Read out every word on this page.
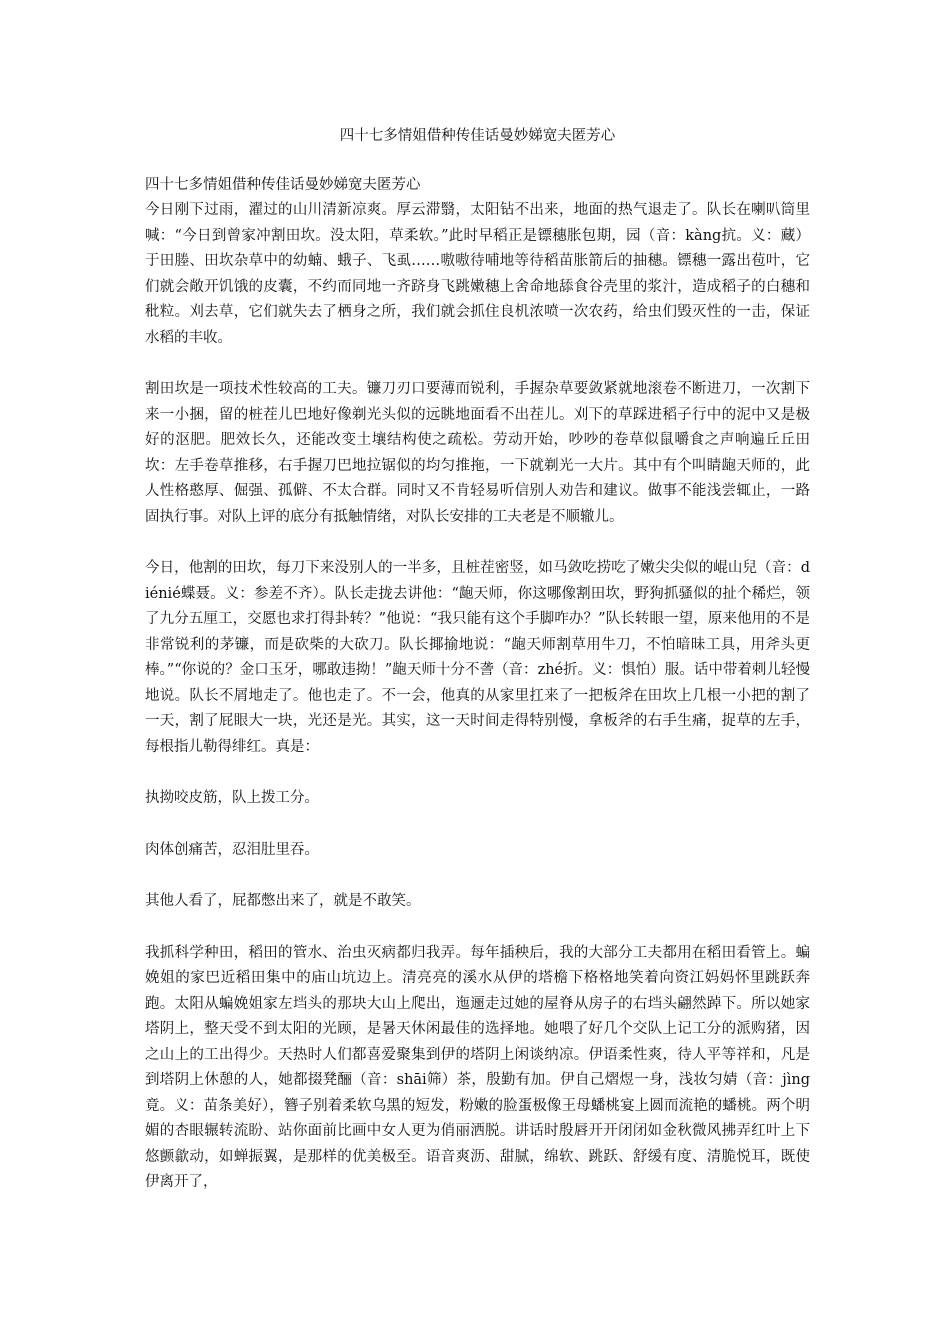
四十七多情姐借种传佳话曼妙娣宽夫匿芳心

四十七多情姐借种传佳话曼妙娣宽夫匿芳心

今日刚下过雨，濯过的山川清新凉爽。厚云滞翳，太阳钻不出来，地面的热气退走了。队长在喇叭筒里喊：“今日到曾家冲割田坎。没太阳，草柔软。”此时早稻正是镖穗胀包期，园（音：kàng抗。义：藏）于田塍、田坎杂草中的幼蝻、蛾子、飞虱……嗷嗷待哺地等待稻苗胀箭后的抽穗。镖穗一露出苞叶，它们就会敞开饥饿的皮囊，不约而同地一齐跻身飞跳嫩穗上舍命地舔食谷壳里的浆汁，造成稻子的白穗和秕粒。刈去草，它们就失去了栖身之所，我们就会抓住良机浓喷一次农药，给虫们毁灭性的一击，保证水稻的丰收。

割田坎是一项技术性较高的工夫。镰刀刃口要薄而锐利，手握杂草要敛紧就地滚卷不断进刀，一次割下来一小捆，留的桩茬儿巴地好像剃光头似的远眺地面看不出茬儿。刈下的草踩进稻子行中的泥中又是极好的沤肥。肥效长久，还能改变土壤结构使之疏松。劳动开始，吵吵的卷草似鼠嚼食之声响遍丘丘田坎：左手卷草推移，右手握刀巴地拉锯似的均匀推拖，一下就剃光一大片。其中有个叫睛龅天师的，此人性格憨厚、倔强、孤僻、不太合群。同时又不肯轻易听信别人劝告和建议。做事不能浅尝辄止，一路固执行事。对队上评的底分有抵触情绪，对队长安排的工夫老是不顺辙儿。

今日，他割的田坎，每刀下来没别人的一半多，且桩茬密竖，如马敛吃捞吃了嫩尖尖似的崐山兒（音：diénié蝶聂。义：参差不齐）。队长走拢去讲他：“龅天师，你这哪像割田坎，野狗抓骚似的扯个稀烂，领了九分五厘工，交愿也求打得卦转？”他说：“我只能有这个手脚咋办？”队长转眼一望，原来他用的不是非常锐利的茅镰，而是砍柴的大砍刀。队长揶揄地说：“龅天师割草用牛刀，不怕暗昧工具，用斧头更棒。”“你说的？金口玉牙，哪敢违拗！”龅天师十分不詟（音：zhé折。义：惧怕）服。话中带着刺儿轻慢地说。队长不屑地走了。他也走了。不一会，他真的从家里扛来了一把板斧在田坎上几根一小把的割了一天，割了屁眼大一块，光还是光。其实，这一天时间走得特别慢，拿板斧的右手生痛，捉草的左手，每根指儿勒得绯红。真是：

执拗咬皮筋，队上拨工分。

肉体创痛苦，忍泪肚里吞。

其他人看了，屁都憋出来了，就是不敢笑。

我抓科学种田，稻田的管水、治虫灭病都归我弄。每年插秧后，我的大部分工夫都用在稻田看管上。蝙娩姐的家巴近稻田集中的庙山坑边上。清亮亮的溪水从伊的塔檐下格格地笑着向资江妈妈怀里跳跃奔跑。太阳从蝙娩姐家左垱头的那块大山上爬出，迤逦走过她的屋脊从房子的右垱头翩然踔下。所以她家塔阴上，整天受不到太阳的光顾，是暑天休闲最佳的选择地。她喂了好几个交队上记工分的派购猪，因之山上的工出得少。天热时人们都喜爱聚集到伊的塔阴上闲谈纳凉。伊语柔性爽，待人平等祥和，凡是到塔阴上休憩的人，她都掇凳酾（音：shāi筛）茶，殷勤有加。伊自己熠煜一身，浅妆匀婧（音：jìng竟。义：苗条美好），簪子别着柔软乌黑的短发，粉嫩的脸蛋极像王母蟠桃宴上圆而流艳的蟠桃。两个明媚的杏眼辗转流盼、站你面前比画中女人更为俏丽洒脱。讲话时殷唇开开闭闭如金秋微风拂弄红叶上下悠颤歙动，如蝉振翼，是那样的优美极至。语音爽沥、甜腻，绵软、跳跃、舒缓有度、清脆悦耳，既使伊离开了，
